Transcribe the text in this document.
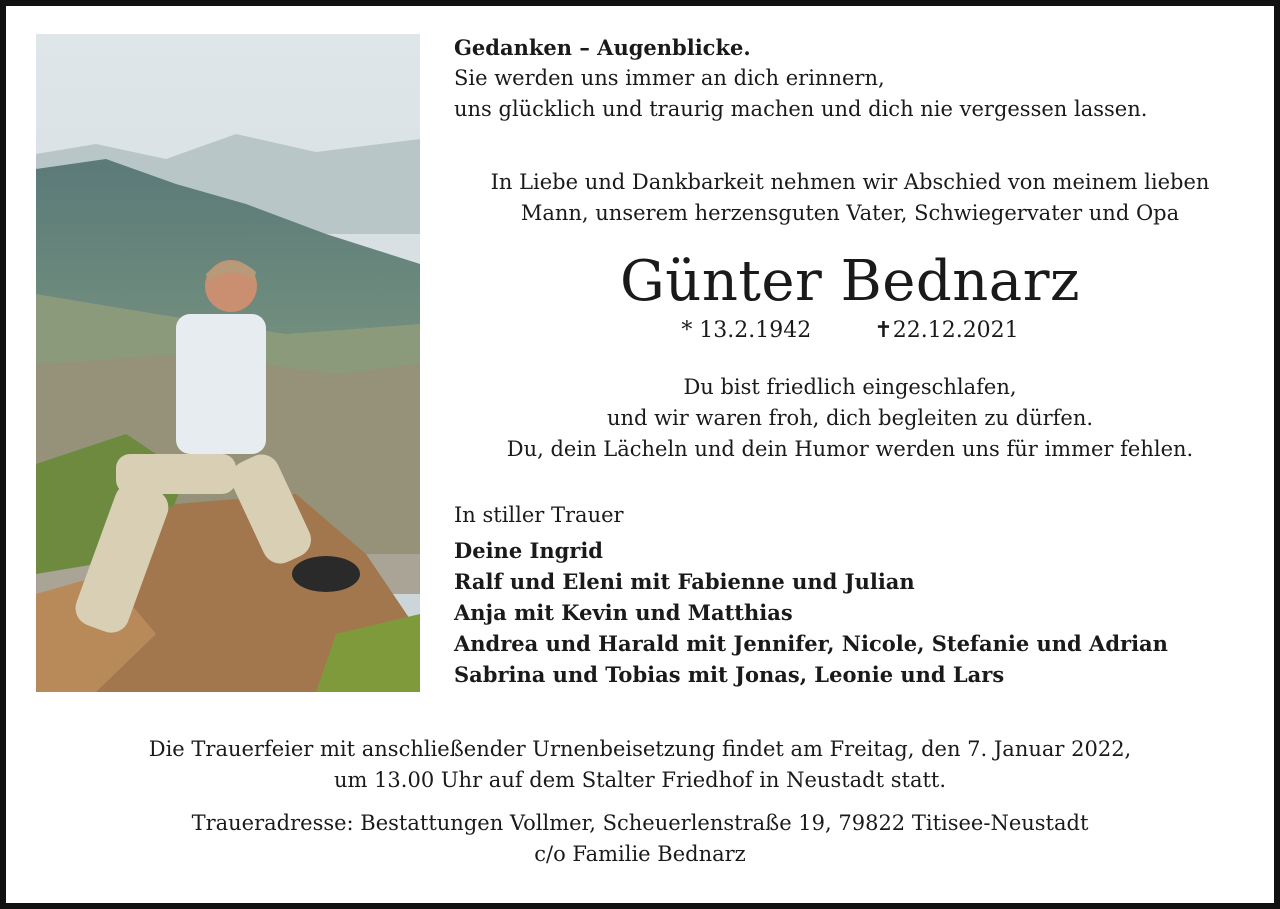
Gedanken – Augenblicke.
Sie werden uns immer an dich erinnern,
uns glücklich und traurig machen und dich nie vergessen lassen.
In Liebe und Dankbarkeit nehmen wir Abschied von meinem lieben
Mann, unserem herzensguten Vater, Schwiegervater und Opa
Günter Bednarz
* 13.2.1942	✝22.12.2021
Du bist friedlich eingeschlafen,
und wir waren froh, dich begleiten zu dürfen.
Du, dein Lächeln und dein Humor werden uns für immer fehlen.
In stiller Trauer
Deine Ingrid
Ralf und Eleni mit Fabienne und Julian
Anja mit Kevin und Matthias
Andrea und Harald mit Jennifer, Nicole, Stefanie und Adrian
Sabrina und Tobias mit Jonas, Leonie und Lars
Die Trauerfeier mit anschließender Urnenbeisetzung findet am Freitag, den 7. Januar 2022,
um 13.00 Uhr auf dem Stalter Friedhof in Neustadt statt.
Traueradresse: Bestattungen Vollmer, Scheuerlenstraße 19, 79822 Titisee-Neustadt
c/o Familie Bednarz
